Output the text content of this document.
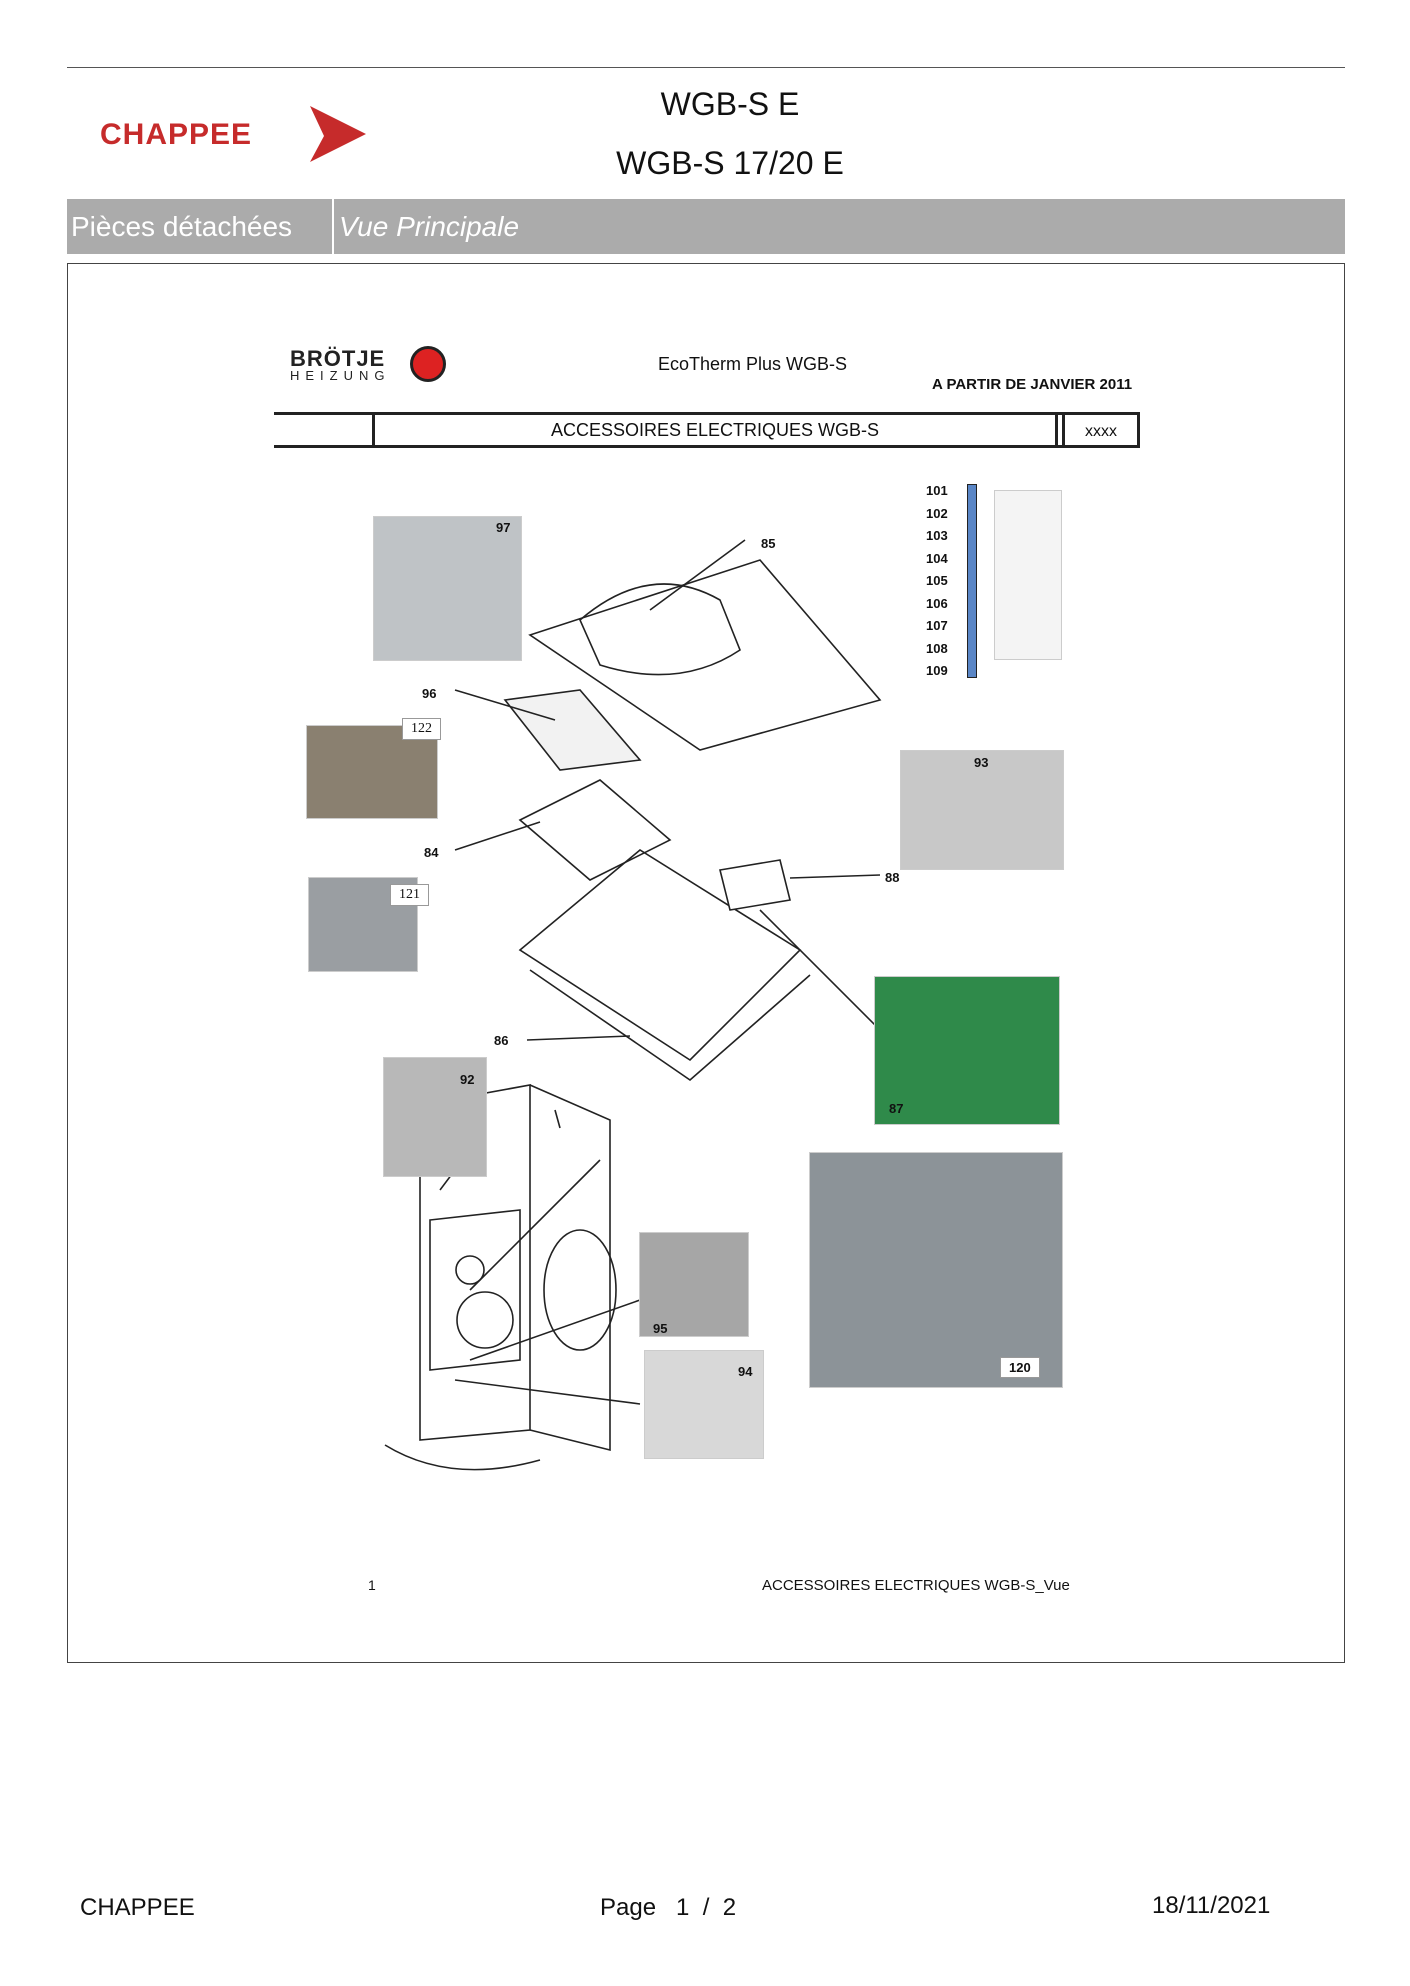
CHAPPEE
WGB-S E
WGB-S 17/20 E
Pièces détachées	Vue Principale
BRÖTJE
HEIZUNG
EcoTherm Plus WGB-S
A PARTIR DE JANVIER 2011
ACCESSOIRES ELECTRIQUES WGB-S	xxxx
101
102
103
104
105
106
107
108
109
97
85
96
122
93
84
88
121
86
92
87
95
94	120
1	ACCESSOIRES ELECTRIQUES WGB-S_Vue
CHAPPEE	Page   1  /  2	18/11/2021
